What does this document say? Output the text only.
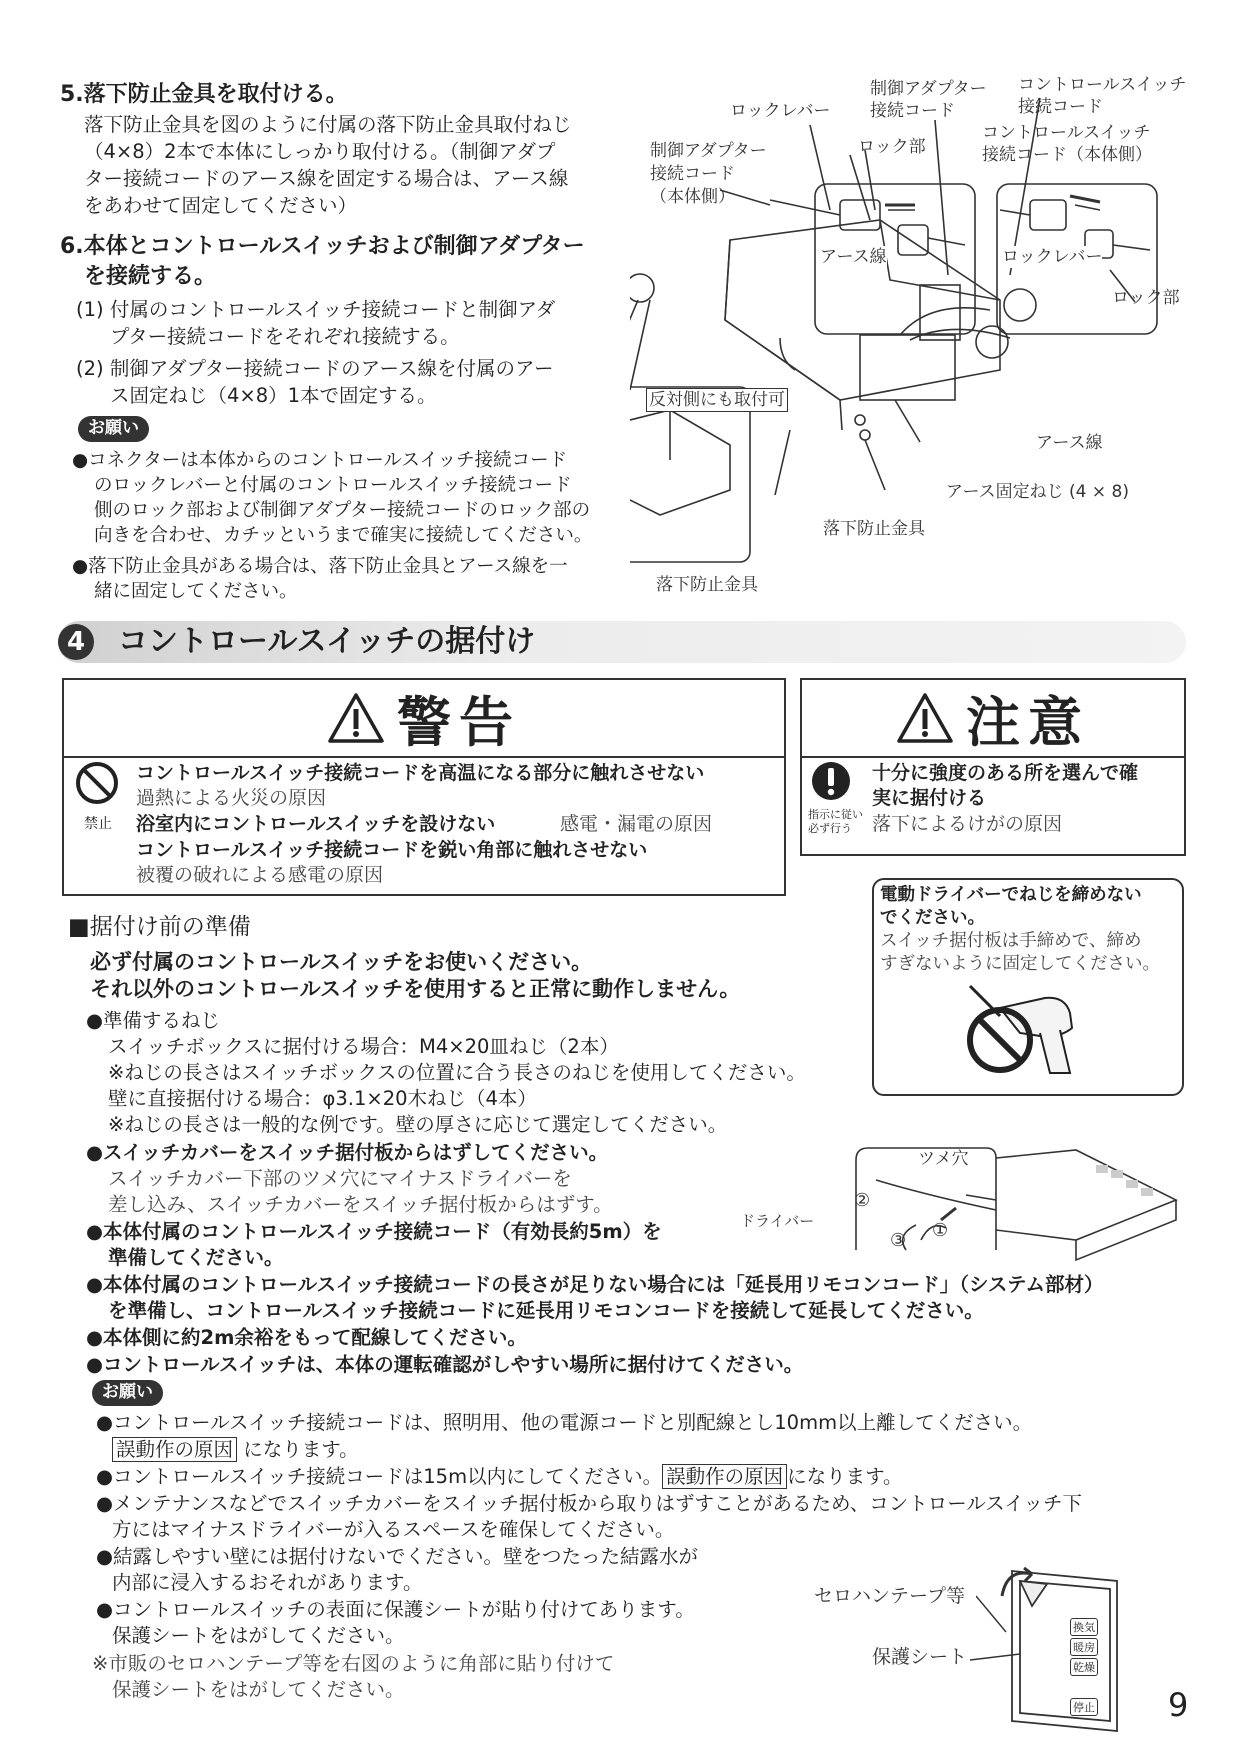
5.落下防止金具を取付ける。
落下防止金具を図のように付属の落下防止金具取付ねじ
（4×8）2本で本体にしっかり取付ける。（制御アダプ
ター接続コードのアース線を固定する場合は、アース線
をあわせて固定してください）
6.本体とコントロールスイッチおよび制御アダプター
を接続する。
(1) 付属のコントロールスイッチ接続コードと制御アダ
プター接続コードをそれぞれ接続する。
(2) 制御アダプター接続コードのアース線を付属のアー
ス固定ねじ（4×8）1本で固定する。
お願い
●コネクターは本体からのコントロールスイッチ接続コード
のロックレバーと付属のコントロールスイッチ接続コード
側のロック部および制御アダプター接続コードのロック部の
向きを合わせ、カチッというまで確実に接続してください。
●落下防止金具がある場合は、落下防止金具とアース線を一
緒に固定してください。
制御アダプター
接続コード
コントロールスイッチ
接続コード
ロックレバー
ロック部
コントロールスイッチ
接続コード（本体側）
制御アダプター
接続コード
（本体側）
アース線	ロックレバー
ロック部
反対側にも取付可
アース線
アース固定ねじ (4 × 8)
落下防止金具
落下防止金具
4 コントロールスイッチの据付け
警告
禁止
コントロールスイッチ接続コードを高温になる部分に触れさせない
過熱による火災の原因
浴室内にコントロールスイッチを設けない	感電・漏電の原因
コントロールスイッチ接続コードを鋭い角部に触れさせない
被覆の破れによる感電の原因
注意
指示に従い
必ず行う
十分に強度のある所を選んで確
実に据付ける
落下によるけがの原因
電動ドライバーでねじを締めない
でください。
スイッチ据付板は手締めで、締め
すぎないように固定してください。
■据付け前の準備
必ず付属のコントロールスイッチをお使いください。
それ以外のコントロールスイッチを使用すると正常に動作しません。
●準備するねじ
スイッチボックスに据付ける場合：M4×20皿ねじ（2本）
※ねじの長さはスイッチボックスの位置に合う長さのねじを使用してください。
壁に直接据付ける場合：φ3.1×20木ねじ（4本）
※ねじの長さは一般的な例です。壁の厚さに応じて選定してください。
●スイッチカバーをスイッチ据付板からはずしてください。
スイッチカバー下部のツメ穴にマイナスドライバーを
差し込み、スイッチカバーをスイッチ据付板からはずす。
●本体付属のコントロールスイッチ接続コード（有効長約5m）を
準備してください。
●本体付属のコントロールスイッチ接続コードの長さが足りない場合には「延長用リモコンコード」（システム部材）
を準備し、コントロールスイッチ接続コードに延長用リモコンコードを接続して延長してください。
●本体側に約2m余裕をもって配線してください。
●コントロールスイッチは、本体の運転確認がしやすい場所に据付けてください。
ツメ穴
ドライバー
②
③ ①
お願い
●コントロールスイッチ接続コードは、照明用、他の電源コードと別配線とし10mm以上離してください。
誤動作の原因 になります。
●コントロールスイッチ接続コードは15m以内にしてください。 誤動作の原因 になります。
●メンテナンスなどでスイッチカバーをスイッチ据付板から取りはずすことがあるため、コントロールスイッチ下
方にはマイナスドライバーが入るスペースを確保してください。
●結露しやすい壁には据付けないでください。壁をつたった結露水が
内部に浸入するおそれがあります。
●コントロールスイッチの表面に保護シートが貼り付けてあります。
保護シートをはがしてください。
※市販のセロハンテープ等を右図のように角部に貼り付けて
保護シートをはがしてください。
換気
暖房
乾燥
停止
セロハンテープ等
保護シート
9
